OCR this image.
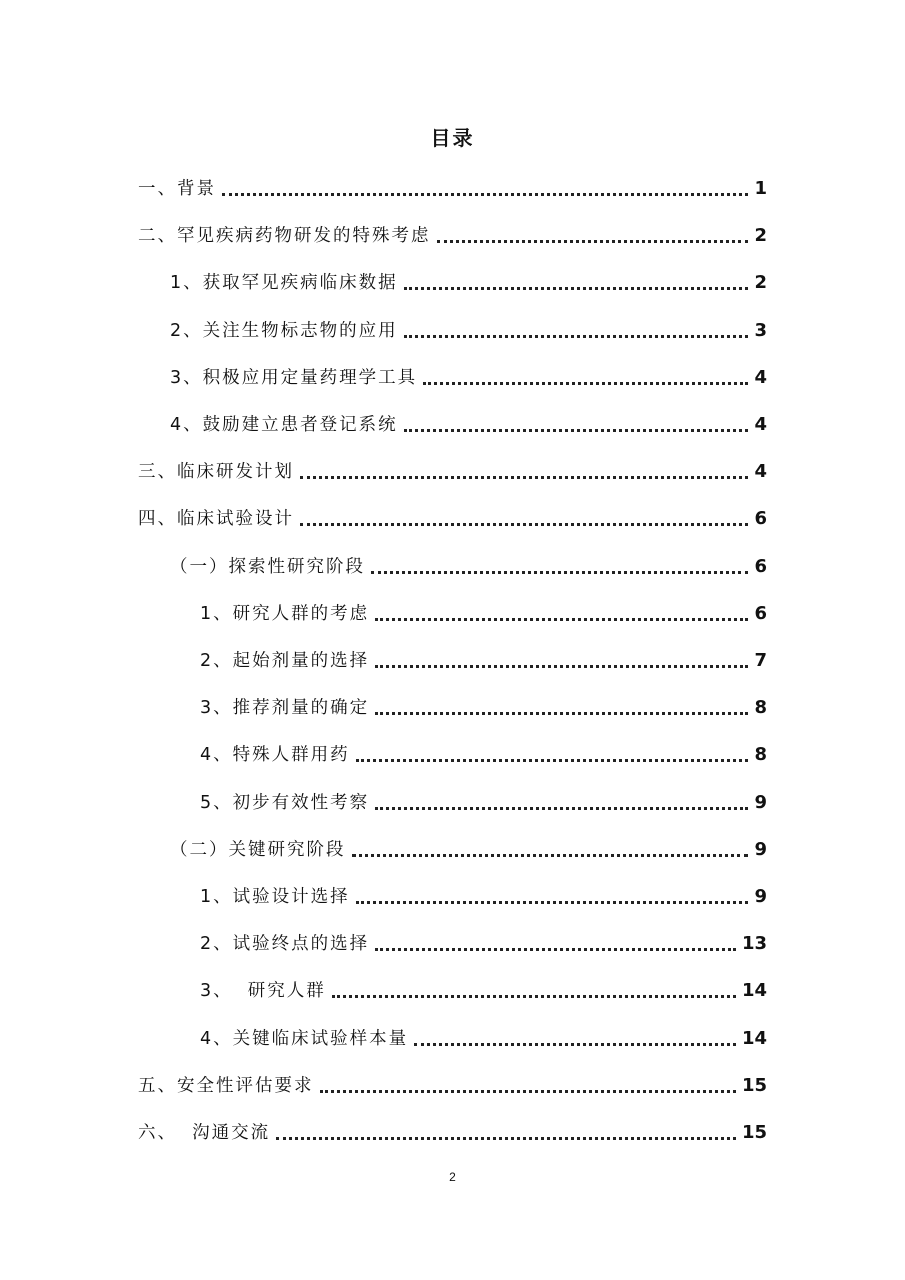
目录
一、背景	1
二、罕见疾病药物研发的特殊考虑	2
1、获取罕见疾病临床数据	2
2、关注生物标志物的应用	3
3、积极应用定量药理学工具	4
4、鼓励建立患者登记系统	4
三、临床研发计划	4
四、临床试验设计	6
（一）探索性研究阶段	6
1、研究人群的考虑	6
2、起始剂量的选择	7
3、推荐剂量的确定	8
4、特殊人群用药	8
5、初步有效性考察	9
（二）关键研究阶段	9
1、试验设计选择	9
2、试验终点的选择	13
3、  研究人群	14
4、关键临床试验样本量	14
五、安全性评估要求	15
六、  沟通交流	15
2
